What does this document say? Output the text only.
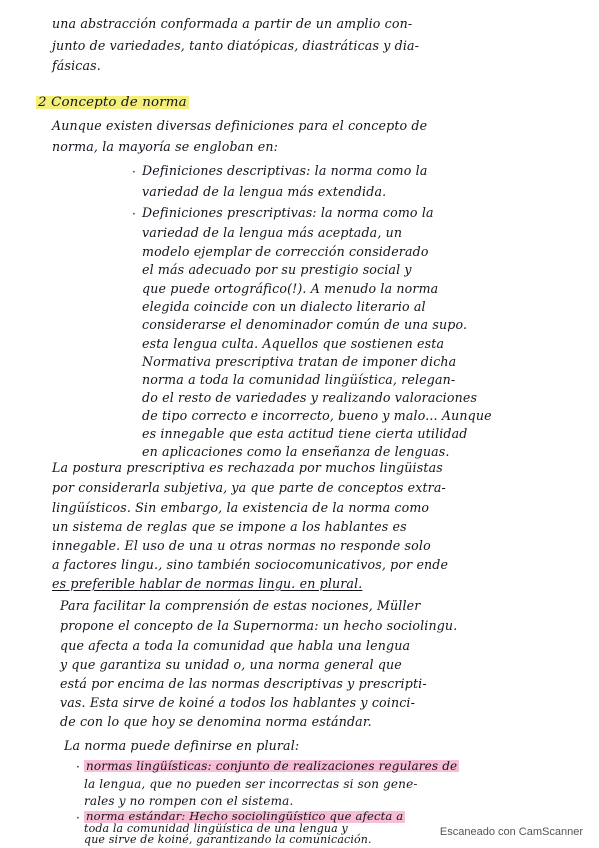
una abstracción conformada a partir de un amplio con-
junto de variedades, tanto diatópicas, diastráticas y dia-
fásicas.
2 Concepto de norma
Aunque existen diversas definiciones para el concepto de
norma, la mayoría se engloban en:
· Definiciones descriptivas: la norma como la
variedad de la lengua más extendida.
· Definiciones prescriptivas: la norma como la
variedad de la lengua más aceptada, un
modelo ejemplar de corrección considerado
el más adecuado por su prestigio social y
que puede ortográfico(!). A menudo la norma
elegida coincide con un dialecto literario al
considerarse el denominador común de una supo.
esta lengua culta. Aquellos que sostienen esta
Normativa prescriptiva tratan de imponer dicha
norma a toda la comunidad lingüística, relegan-
do el resto de variedades y realizando valoraciones
de tipo correcto e incorrecto, bueno y malo... Aunque
es innegable que esta actitud tiene cierta utilidad
en aplicaciones como la enseñanza de lenguas.
La postura prescriptiva es rechazada por muchos lingüistas
por considerarla subjetiva, ya que parte de conceptos extra-
lingüísticos. Sin embargo, la existencia de la norma como
un sistema de reglas que se impone a los hablantes es
innegable. El uso de una u otras normas no responde solo
a factores lingu., sino también sociocomunicativos, por ende
es preferible hablar de normas lingu. en plural.
Para facilitar la comprensión de estas nociones, Müller
propone el concepto de la Supernorma: un hecho sociolingu.
que afecta a toda la comunidad que habla una lengua
y que garantiza su unidad o, una norma general que
está por encima de las normas descriptivas y prescripti-
vas. Esta sirve de koiné a todos los hablantes y coinci-
de con lo que hoy se denomina norma estándar.
La norma puede definirse en plural:
· normas lingüísticas: conjunto de realizaciones regulares de
la lengua, que no pueden ser incorrectas si son gene-
rales y no rompen con el sistema.
· norma estándar: Hecho sociolingüístico que afecta a
toda la comunidad lingüística de una lengua y
que sirve de koiné, garantizando la comunicación.
Escaneado con CamScanner
